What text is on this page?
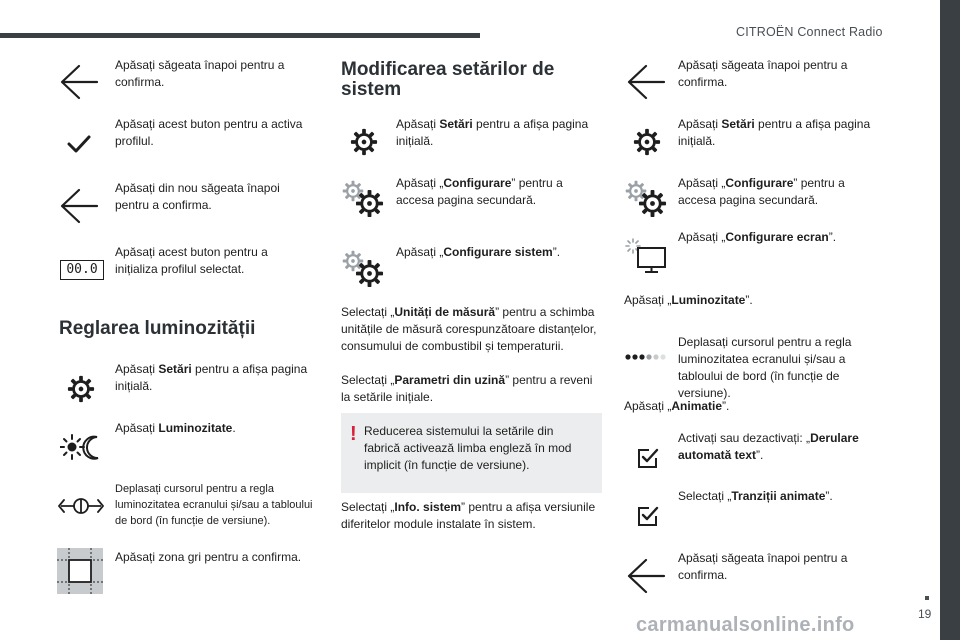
CITROËN Connect Radio
19
carmanualsonline.info
Apăsați săgeata înapoi pentru a confirma.
Apăsați acest buton pentru a activa profilul.
Apăsați din nou săgeata înapoi pentru a confirma.
00.0
Apăsați acest buton pentru a inițializa profilul selectat.
Reglarea luminozității
Apăsați Setări pentru a afișa pagina inițială.
Apăsați Luminozitate.
Deplasați cursorul pentru a regla luminozitatea ecranului și/sau a tabloului de bord (în funcție de versiune).
Apăsați zona gri pentru a confirma.
Modificarea setărilor de sistem
Apăsați Setări pentru a afișa pagina inițială.
Apăsați „Configurare” pentru a accesa pagina secundară.
Apăsați „Configurare sistem”.
Selectați „Unități de măsură” pentru a schimba unitățile de măsură corespunzătoare distanțelor, consumului de combustibil și temperaturii.
Selectați „Parametri din uzină” pentru a reveni la setările inițiale.
! Reducerea sistemului la setările din fabrică activează limba engleză în mod implicit (în funcție de versiune).
Selectați „Info. sistem” pentru a afișa versiunile diferitelor module instalate în sistem.
Apăsați săgeata înapoi pentru a confirma.
Apăsați Setări pentru a afișa pagina inițială.
Apăsați „Configurare” pentru a accesa pagina secundară.
Apăsați „Configurare ecran”.
Apăsați „Luminozitate”.
Deplasați cursorul pentru a regla luminozitatea ecranului și/sau a tabloului de bord (în funcție de versiune).
Apăsați „Animatie”.
Activați sau dezactivați: „Derulare automată text”.
Selectați „Tranziții animate”.
Apăsați săgeata înapoi pentru a confirma.
